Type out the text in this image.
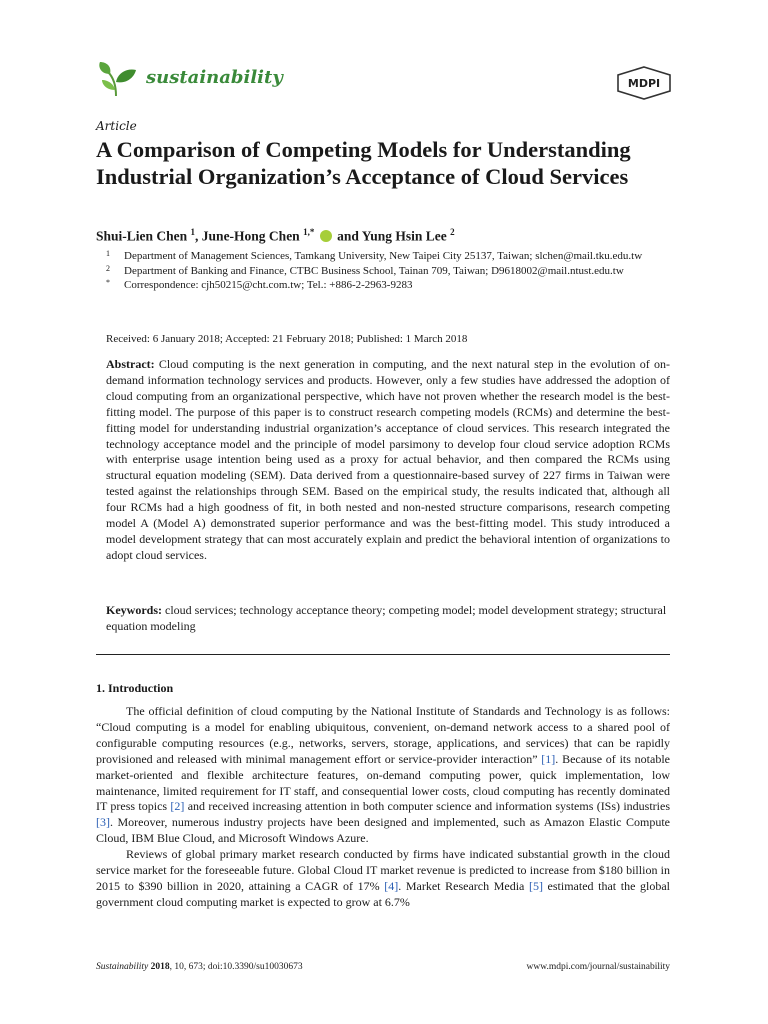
sustainability	MDPI
Article
A Comparison of Competing Models for Understanding Industrial Organization’s Acceptance of Cloud Services
Shui-Lien Chen $^1$, June-Hong Chen $^{1,*}$ and Yung Hsin Lee $^2$
1 Department of Management Sciences, Tamkang University, New Taipei City 25137, Taiwan; slchen@mail.tku.edu.tw
2 Department of Banking and Finance, CTBC Business School, Tainan 709, Taiwan; D9618002@mail.ntust.edu.tw
* Correspondence: cjh50215@cht.com.tw; Tel.: +886-2-2963-9283
Received: 6 January 2018; Accepted: 21 February 2018; Published: 1 March 2018

Abstract: Cloud computing is the next generation in computing, and the next natural step in the evolution of on-demand information technology services and products. However, only a few studies have addressed the adoption of cloud computing from an organizational perspective, which have not proven whether the research model is the best-fitting model. The purpose of this paper is to construct research competing models (RCMs) and determine the best-fitting model for understanding industrial organization’s acceptance of cloud services. This research integrated the technology acceptance model and the principle of model parsimony to develop four cloud service adoption RCMs with enterprise usage intention being used as a proxy for actual behavior, and then compared the RCMs using structural equation modeling (SEM). Data derived from a questionnaire-based survey of 227 firms in Taiwan were tested against the relationships through SEM. Based on the empirical study, the results indicated that, although all four RCMs had a high goodness of fit, in both nested and non-nested structure comparisons, research competing model A (Model A) demonstrated superior performance and was the best-fitting model. This study introduced a model development strategy that can most accurately explain and predict the behavioral intention of organizations to adopt cloud services.

Keywords: cloud services; technology acceptance theory; competing model; model development strategy; structural equation modeling

1. Introduction

The official definition of cloud computing by the National Institute of Standards and Technology is as follows: “Cloud computing is a model for enabling ubiquitous, convenient, on-demand network access to a shared pool of configurable computing resources (e.g., networks, servers, storage, applications, and services) that can be rapidly provisioned and released with minimal management effort or service-provider interaction” [1]. Because of its notable market-oriented and flexible architecture features, on-demand computing power, quick implementation, low maintenance, limited requirement for IT staff, and consequential lower costs, cloud computing has recently dominated IT press topics [2] and received increasing attention in both computer science and information systems (ISs) industries [3]. Moreover, numerous industry projects have been designed and implemented, such as Amazon Elastic Compute Cloud, IBM Blue Cloud, and Microsoft Windows Azure.

Reviews of global primary market research conducted by firms have indicated substantial growth in the cloud service market for the foreseeable future. Global Cloud IT market revenue is predicted to increase from $180 billion in 2015 to $390 billion in 2020, attaining a CAGR of 17% [4]. Market Research Media [5] estimated that the global government cloud computing market is expected to grow at 6.7%

Sustainability 2018, 10, 673; doi:10.3390/su10030673	www.mdpi.com/journal/sustainability
